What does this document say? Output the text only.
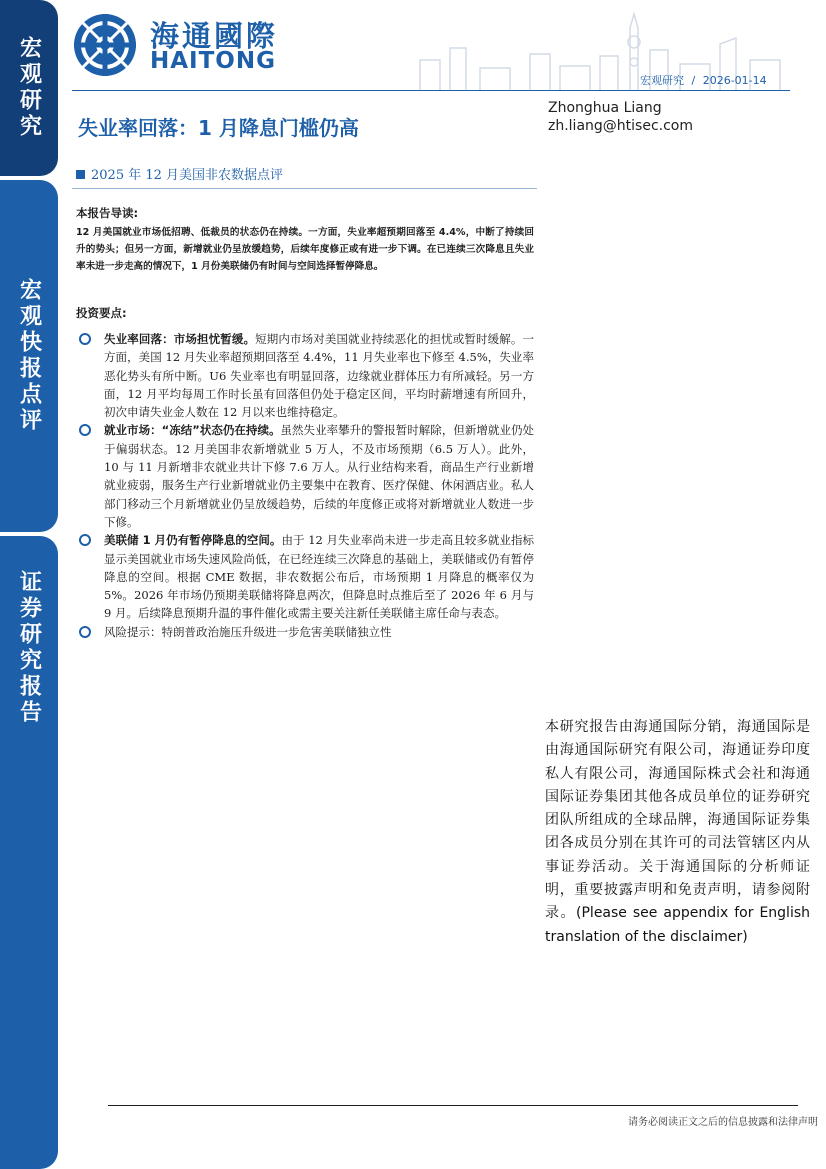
宏观研究
宏观快报点评
证券研究报告
海通國際
HAITONG
宏观研究 / 2026-01-14
失业率回落：1 月降息门槛仍高
2025 年 12 月美国非农数据点评
Zhonghua Liang
zh.liang@htisec.com
本报告导读:
12 月美国就业市场低招聘、低裁员的状态仍在持续。一方面，失业率超预期回落至 4.4%，中断了持续回升的势头；但另一方面，新增就业仍呈放缓趋势，后续年度修正或有进一步下调。在已连续三次降息且失业率未进一步走高的情况下，1 月份美联储仍有时间与空间选择暂停降息。
投资要点:
失业率回落：市场担忧暂缓。短期内市场对美国就业持续恶化的担忧或暂时缓解。一方面，美国 12 月失业率超预期回落至 4.4%，11 月失业率也下修至 4.5%，失业率恶化势头有所中断。U6 失业率也有明显回落，边缘就业群体压力有所减轻。另一方面，12 月平均每周工作时长虽有回落但仍处于稳定区间，平均时薪增速有所回升，初次申请失业金人数在 12 月以来也维持稳定。
就业市场：“冻结”状态仍在持续。虽然失业率攀升的警报暂时解除，但新增就业仍处于偏弱状态。12 月美国非农新增就业 5 万人，不及市场预期（6.5 万人）。此外，10 与 11 月新增非农就业共计下修 7.6 万人。从行业结构来看，商品生产行业新增就业疲弱，服务生产行业新增就业仍主要集中在教育、医疗保健、休闲酒店业。私人部门移动三个月新增就业仍呈放缓趋势，后续的年度修正或将对新增就业人数进一步下修。
美联储 1 月仍有暂停降息的空间。由于 12 月失业率尚未进一步走高且较多就业指标显示美国就业市场失速风险尚低，在已经连续三次降息的基础上，美联储或仍有暂停降息的空间。根据 CME 数据，非农数据公布后，市场预期 1 月降息的概率仅为 5%。2026 年市场仍预期美联储将降息两次，但降息时点推后至了 2026 年 6 月与 9 月。后续降息预期升温的事件催化或需主要关注新任美联储主席任命与表态。
风险提示：特朗普政治施压升级进一步危害美联储独立性
本研究报告由海通国际分销，海通国际是由海通国际研究有限公司，海通证券印度私人有限公司，海通国际株式会社和海通国际证券集团其他各成员单位的证券研究团队所组成的全球品牌，海通国际证券集团各成员分别在其许可的司法管辖区内从事证券活动。关于海通国际的分析师证明，重要披露声明和免责声明，请参阅附录。(Please see appendix for English translation of the disclaimer)
请务必阅读正文之后的信息披露和法律声明
